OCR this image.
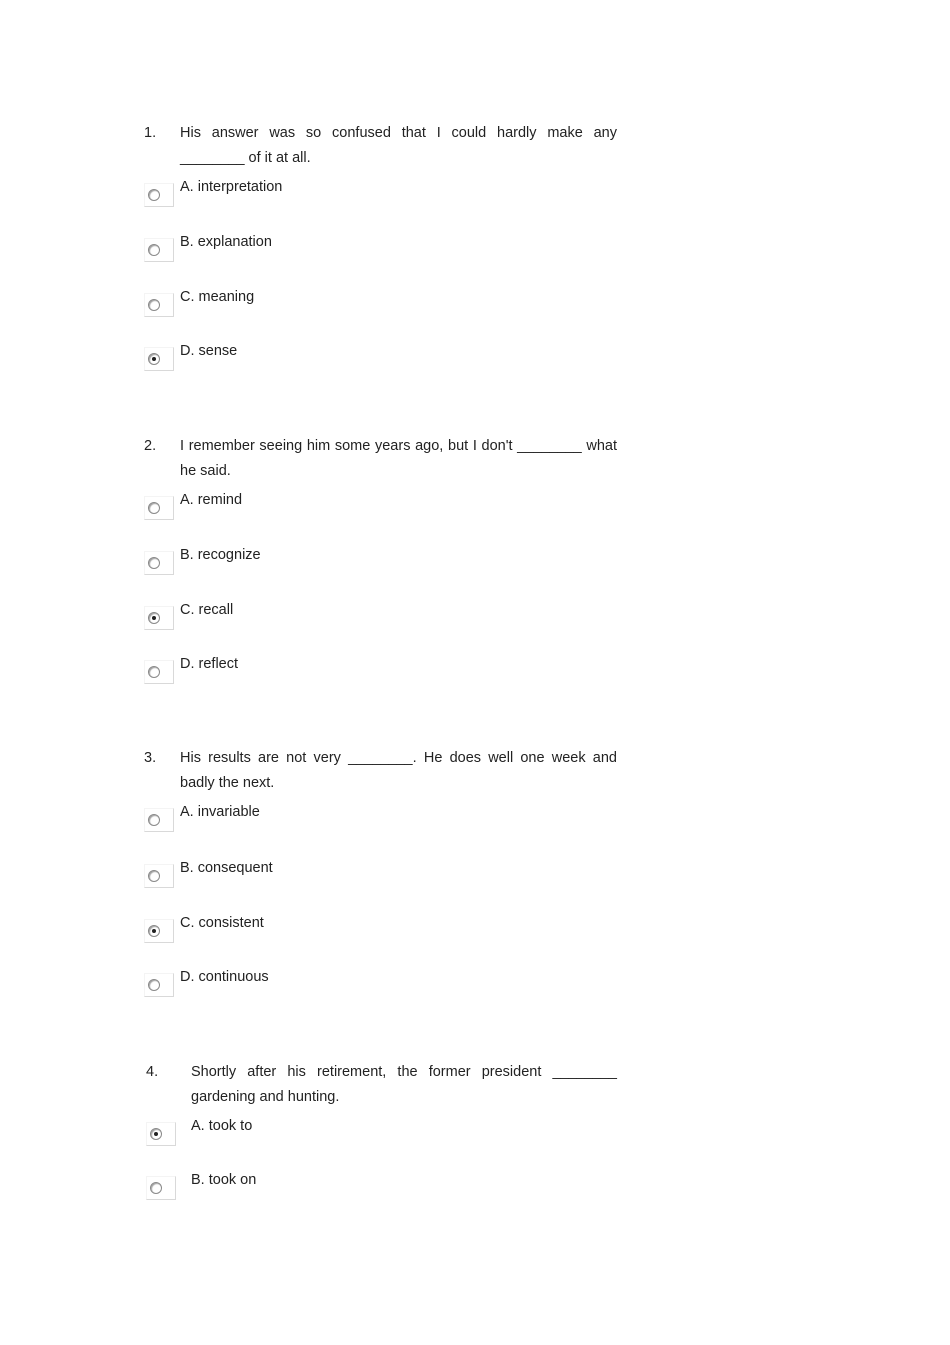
1. His answer was so confused that I could hardly make any ________ of it at all.
A. interpretation
B. explanation
C. meaning
D. sense
2. I remember seeing him some years ago, but I don't ________ what he said.
A. remind
B. recognize
C. recall
D. reflect
3. His results are not very ________. He does well one week and badly the next.
A. invariable
B. consequent
C. consistent
D. continuous
4. Shortly after his retirement, the former president ________ gardening and hunting.
A. took to
B. took on
